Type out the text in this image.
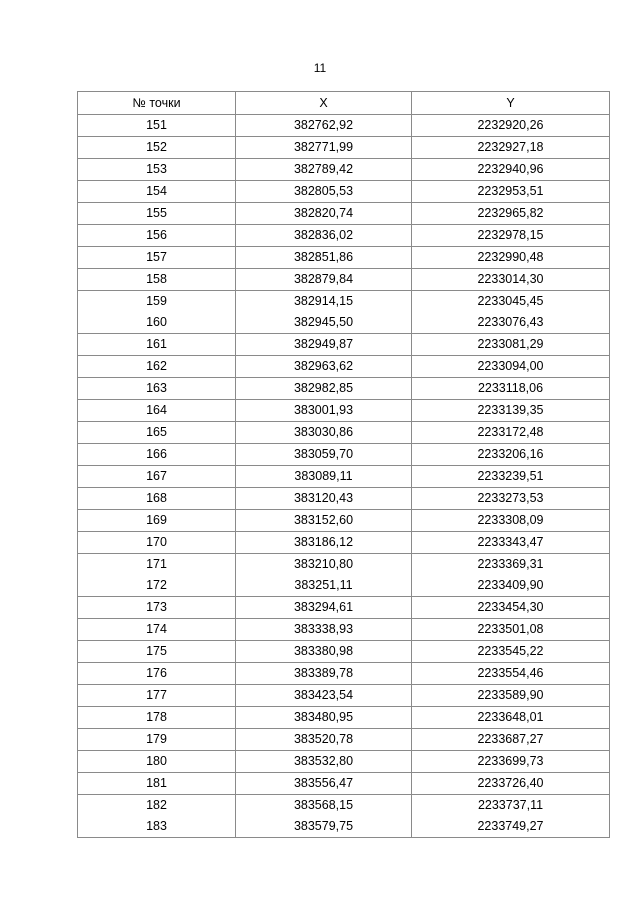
11
№ точки	X	Y
151	382762,92	2232920,26
152	382771,99	2232927,18
153	382789,42	2232940,96
154	382805,53	2232953,51
155	382820,74	2232965,82
156	382836,02	2232978,15
157	382851,86	2232990,48
158	382879,84	2233014,30
159	382914,15	2233045,45
160	382945,50	2233076,43
161	382949,87	2233081,29
162	382963,62	2233094,00
163	382982,85	2233118,06
164	383001,93	2233139,35
165	383030,86	2233172,48
166	383059,70	2233206,16
167	383089,11	2233239,51
168	383120,43	2233273,53
169	383152,60	2233308,09
170	383186,12	2233343,47
171	383210,80	2233369,31
172	383251,11	2233409,90
173	383294,61	2233454,30
174	383338,93	2233501,08
175	383380,98	2233545,22
176	383389,78	2233554,46
177	383423,54	2233589,90
178	383480,95	2233648,01
179	383520,78	2233687,27
180	383532,80	2233699,73
181	383556,47	2233726,40
182	383568,15	2233737,11
183	383579,75	2233749,27
